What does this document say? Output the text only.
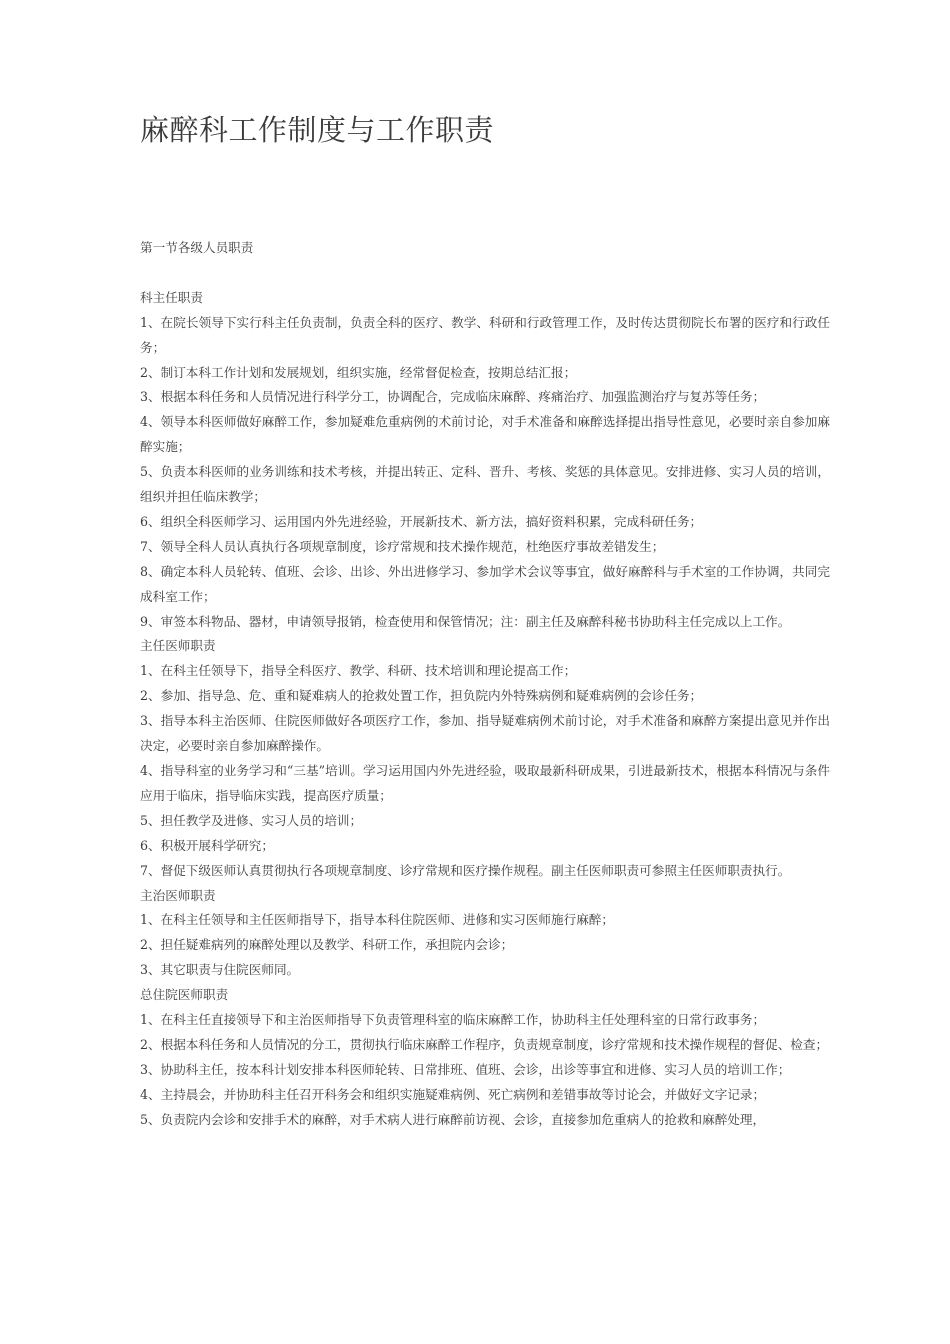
麻醉科工作制度与工作职责

第一节各级人员职责

科主任职责

1、在院长领导下实行科主任负责制，负责全科的医疗、教学、科研和行政管理工作，及时传达贯彻院长布署的医疗和行政任务；

2、制订本科工作计划和发展规划，组织实施，经常督促检查，按期总结汇报；

3、根据本科任务和人员情况进行科学分工，协调配合，完成临床麻醉、疼痛治疗、加强监测治疗与复苏等任务；

4、领导本科医师做好麻醉工作，参加疑难危重病例的术前讨论，对手术准备和麻醉选择提出指导性意见，必要时亲自参加麻醉实施；

5、负责本科医师的业务训练和技术考核，并提出转正、定科、晋升、考核、奖惩的具体意见。安排进修、实习人员的培训，组织并担任临床教学；

6、组织全科医师学习、运用国内外先进经验，开展新技术、新方法，搞好资料积累，完成科研任务；

7、领导全科人员认真执行各项规章制度，诊疗常规和技术操作规范，杜绝医疗事故差错发生；

8、确定本科人员轮转、值班、会诊、出诊、外出进修学习、参加学术会议等事宜，做好麻醉科与手术室的工作协调，共同完成科室工作；

9、审签本科物品、器材，申请领导报销，检查使用和保管情况；注：副主任及麻醉科秘书协助科主任完成以上工作。

主任医师职责

1、在科主任领导下，指导全科医疗、教学、科研、技术培训和理论提高工作；

2、参加、指导急、危、重和疑难病人的抢救处置工作，担负院内外特殊病例和疑难病例的会诊任务；

3、指导本科主治医师、住院医师做好各项医疗工作，参加、指导疑难病例术前讨论，对手术准备和麻醉方案提出意见并作出决定，必要时亲自参加麻醉操作。

4、指导科室的业务学习和“三基”培训。学习运用国内外先进经验，吸取最新科研成果，引进最新技术，根据本科情况与条件应用于临床，指导临床实践，提高医疗质量；

5、担任教学及进修、实习人员的培训；

6、积极开展科学研究；

7、督促下级医师认真贯彻执行各项规章制度、诊疗常规和医疗操作规程。副主任医师职责可参照主任医师职责执行。

主治医师职责

1、在科主任领导和主任医师指导下，指导本科住院医师、进修和实习医师施行麻醉；

2、担任疑难病列的麻醉处理以及教学、科研工作，承担院内会诊；

3、其它职责与住院医师同。

总住院医师职责

1、在科主任直接领导下和主治医师指导下负责管理科室的临床麻醉工作，协助科主任处理科室的日常行政事务；

2、根据本科任务和人员情况的分工，贯彻执行临床麻醉工作程序，负责规章制度，诊疗常规和技术操作规程的督促、检查；

3、协助科主任，按本科计划安排本科医师轮转、日常排班、值班、会诊，出诊等事宜和进修、实习人员的培训工作；

4、主持晨会，并协助科主任召开科务会和组织实施疑难病例、死亡病例和差错事故等讨论会，并做好文字记录；

5、负责院内会诊和安排手术的麻醉，对手术病人进行麻醉前访视、会诊，直接参加危重病人的抢救和麻醉处理，
